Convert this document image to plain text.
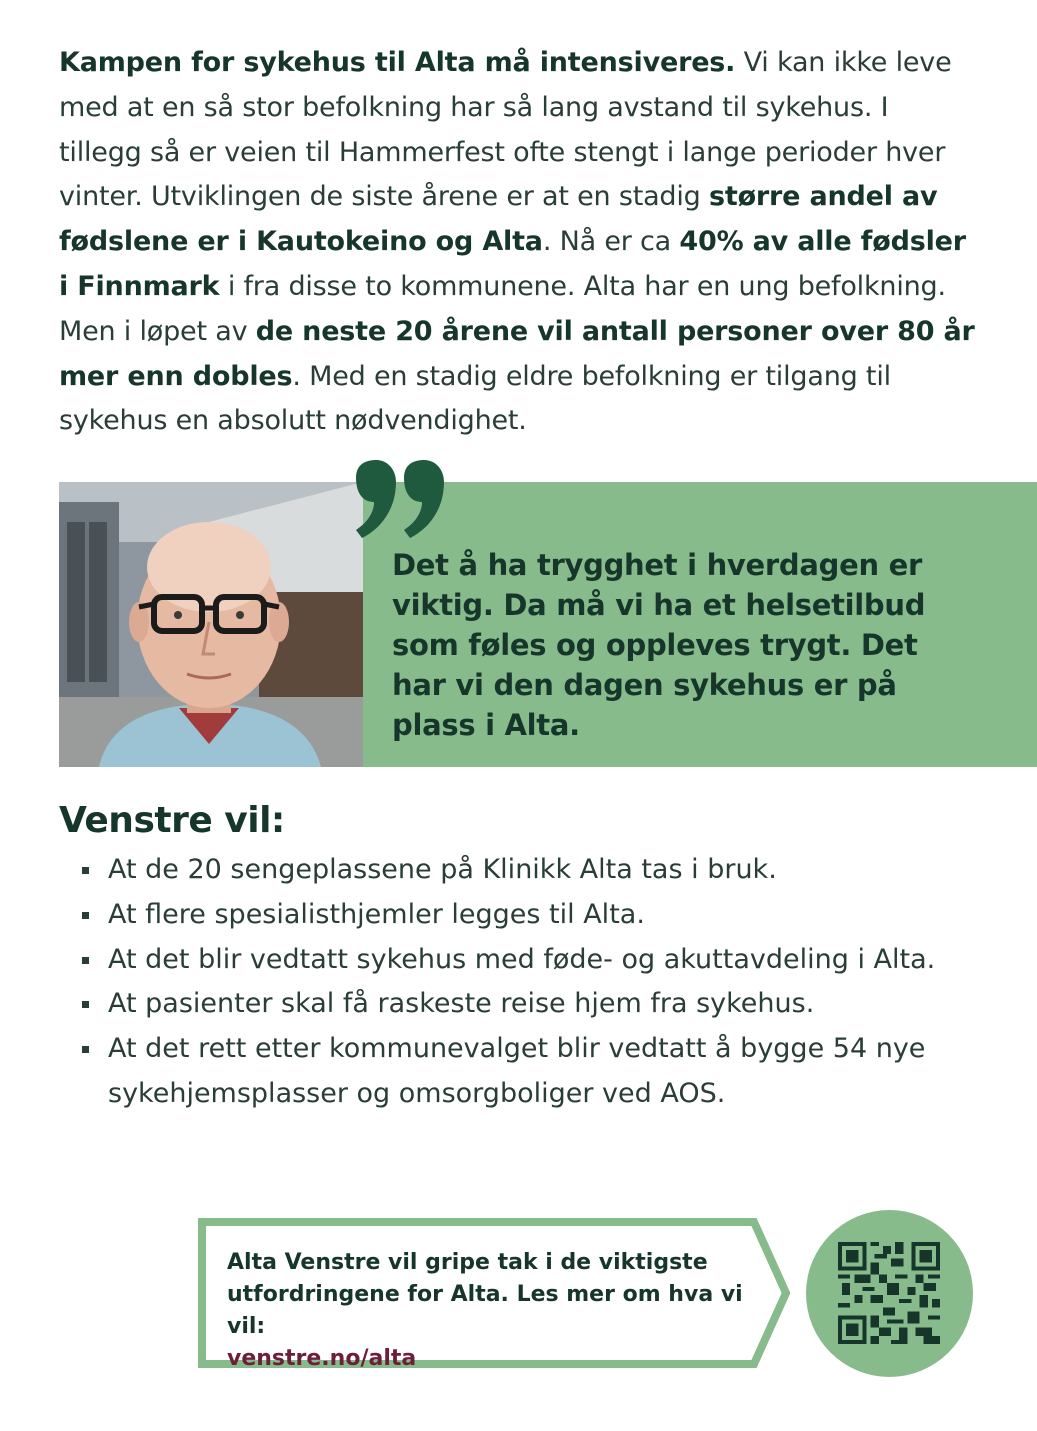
Kampen for sykehus til Alta må intensiveres. Vi kan ikke leve med at en så stor befolkning har så lang avstand til sykehus. I tillegg så er veien til Hammerfest ofte stengt i lange perioder hver vinter. Utviklingen de siste årene er at en stadig større andel av fødslene er i Kautokeino og Alta. Nå er ca 40% av alle fødsler i Finnmark i fra disse to kommunene. Alta har en ung befolkning. Men i løpet av de neste 20 årene vil antall personer over 80 år mer enn dobles. Med en stadig eldre befolkning er tilgang til sykehus en absolutt nødvendighet.

Det å ha trygghet i hverdagen er viktig. Da må vi ha et helsetilbud som føles og oppleves trygt. Det har vi den dagen sykehus er på plass i Alta.

Venstre vil:
At de 20 sengeplassene på Klinikk Alta tas i bruk.
At flere spesialisthjemler legges til Alta.
At det blir vedtatt sykehus med føde- og akuttavdeling i Alta.
At pasienter skal få raskeste reise hjem fra sykehus.
At det rett etter kommunevalget blir vedtatt å bygge 54 nye sykehjemsplasser og omsorgboliger ved AOS.

Alta Venstre vil gripe tak i de viktigste
utfordringene for Alta. Les mer om hva vi vil:
venstre.no/alta
